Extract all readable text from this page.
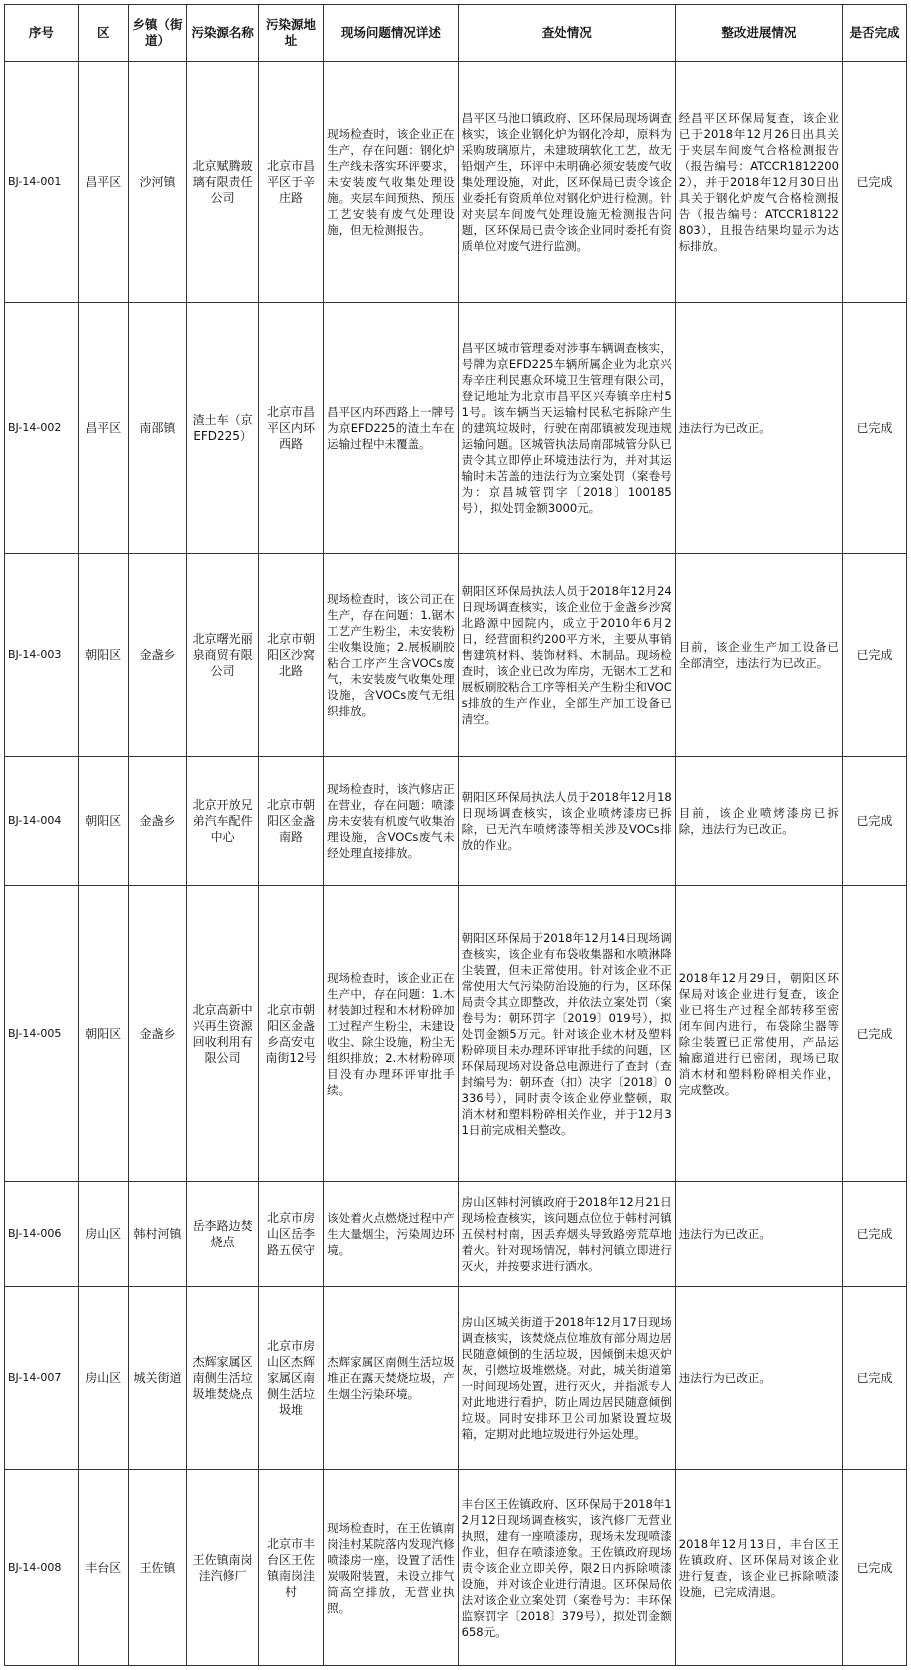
序号	区	乡镇（街道）	污染源名称	污染源地址	现场问题情况详述	查处情况	整改进展情况	是否完成
BJ-14-001	昌平区	沙河镇	北京赋腾玻璃有限责任公司	北京市昌平区于辛庄路	现场检查时，该企业正在生产，存在问题：钢化炉生产线未落实环评要求，未安装废气收集处理设施。夹层车间预热、预压工艺安装有废气处理设施，但无检测报告。	昌平区马池口镇政府、区环保局现场调查核实，该企业钢化炉为钢化冷却，原料为采购玻璃原片，未建玻璃软化工艺，故无铅烟产生，环评中未明确必须安装废气收集处理设施，对此，区环保局已责令该企业委托有资质单位对钢化炉进行检测。针对夹层车间废气处理设施无检测报告问题，区环保局已责令该企业同时委托有资质单位对废气进行监测。	经昌平区环保局复查，该企业已于2018年12月26日出具关于夹层车间废气合格检测报告（报告编号：ATCCR18122002），并于2018年12月30日出具关于钢化炉废气合格检测报告（报告编号：ATCCR18122803），且报告结果均显示为达标排放。	已完成
BJ-14-002	昌平区	南邵镇	渣土车（京EFD225）	北京市昌平区内环西路	昌平区内环西路上一牌号为京EFD225的渣土车在运输过程中未覆盖。	昌平区城市管理委对涉事车辆调查核实，号牌为京EFD225车辆所属企业为北京兴寿辛庄利民惠众环境卫生管理有限公司，登记地址为北京市昌平区兴寿镇辛庄村51号。该车辆当天运输村民私宅拆除产生的建筑垃圾时，行驶在南邵镇被发现违规运输问题。区城管执法局南邵城管分队已责令其立即停止环境违法行为，并对其运输时未苫盖的违法行为立案处罚（案卷号为：京昌城管罚字〔2018〕100185号），拟处罚金额3000元。	违法行为已改正。	已完成
BJ-14-003	朝阳区	金盏乡	北京曙光丽泉商贸有限公司	北京市朝阳区沙窝北路	现场检查时，该公司正在生产，存在问题：1.锯木工艺产生粉尘，未安装粉尘收集设施；2.展板刷胶粘合工序产生含VOCs废气，未安装废气收集处理设施，含VOCs废气无组织排放。	朝阳区环保局执法人员于2018年12月24日现场调查核实，该企业位于金盏乡沙窝北路源中园院内，成立于2010年6月2日，经营面积约200平方米，主要从事销售建筑材料、装饰材料、木制品。现场检查时，该企业已改为库房，无锯木工艺和展板刷胶粘合工序等相关产生粉尘和VOCs排放的生产作业，全部生产加工设备已清空。	目前，该企业生产加工设备已全部清空，违法行为已改正。	已完成
BJ-14-004	朝阳区	金盏乡	北京开放兄弟汽车配件中心	北京市朝阳区金盏南路	现场检查时，该汽修店正在营业，存在问题：喷漆房未安装有机废气收集治理设施，含VOCs废气未经处理直接排放。	朝阳区环保局执法人员于2018年12月18日现场调查核实，该企业喷烤漆房已拆除，已无汽车喷烤漆等相关涉及VOCs排放的作业。	目前，该企业喷烤漆房已拆除，违法行为已改正。	已完成
BJ-14-005	朝阳区	金盏乡	北京高新中兴再生资源回收利用有限公司	北京市朝阳区金盏乡高安屯南街12号	现场检查时，该企业正在生产中，存在问题：1.木材装卸过程和木材粉碎加工过程产生粉尘，未建设收尘、除尘设施，粉尘无组织排放；2.木材粉碎项目没有办理环评审批手续。	朝阳区环保局于2018年12月14日现场调查核实，该企业有布袋收集器和水喷淋降尘装置，但未正常使用。针对该企业不正常使用大气污染防治设施的行为，区环保局责令其立即整改，并依法立案处罚（案卷号为：朝环罚字〔2019〕019号），拟处罚金额5万元。针对该企业木材及塑料粉碎项目未办理环评审批手续的问题，区环保局现场对设备总电源进行了查封（查封编号为：朝环查（扣）决字〔2018〕0336号），同时责令该企业停业整顿，取消木材和塑料粉碎相关作业，并于12月31日前完成相关整改。	2018年12月29日，朝阳区环保局对该企业进行复查，该企业已将生产过程全部转移至密闭车间内进行，布袋除尘器等除尘装置已正常使用，产品运输廊道进行已密闭，现场已取消木材和塑料粉碎相关作业，完成整改。	已完成
BJ-14-006	房山区	韩村河镇	岳李路边焚烧点	北京市房山区岳李路五侯守	该处着火点燃烧过程中产生大量烟尘，污染周边环境。	房山区韩村河镇政府于2018年12月21日现场检查核实，该问题点位位于韩村河镇五侯村村南，因丢弃烟头导致路旁荒草地着火。针对现场情况，韩村河镇立即进行灭火，并按要求进行洒水。	违法行为已改正。	已完成
BJ-14-007	房山区	城关街道	杰辉家属区南侧生活垃圾堆焚烧点	北京市房山区杰辉家属区南侧生活垃圾堆	杰辉家属区南侧生活垃圾堆正在露天焚烧垃圾，产生烟尘污染环境。	房山区城关街道于2018年12月17日现场调查核实，该焚烧点位堆放有部分周边居民随意倾倒的生活垃圾，因倾倒未熄灭炉灰，引燃垃圾堆燃烧。对此，城关街道第一时间现场处置，进行灭火，并指派专人对此地进行看护，防止周边居民随意倾倒垃圾。同时安排环卫公司加紧设置垃圾箱，定期对此地垃圾进行外运处理。	违法行为已改正。	已完成
BJ-14-008	丰台区	王佐镇	王佐镇南岗洼汽修厂	北京市丰台区王佐镇南岗洼村	现场检查时，在王佐镇南岗洼村某院落内发现汽修喷漆房一座，设置了活性炭吸附装置，未设立排气筒高空排放，无营业执照。	丰台区王佐镇政府、区环保局于2018年12月12日现场调查核实，该汽修厂无营业执照，建有一座喷漆房，现场未发现喷漆作业，但存在喷漆迹象。王佐镇政府现场责令该企业立即关停，限2日内拆除喷漆设施，并对该企业进行清退。区环保局依法对该企业立案处罚（案卷号为：丰环保监察罚字〔2018〕379号），拟处罚金额658元。	2018年12月13日，丰台区王佐镇政府、区环保局对该企业进行复查，该企业已拆除喷漆设施，已完成清退。	已完成
